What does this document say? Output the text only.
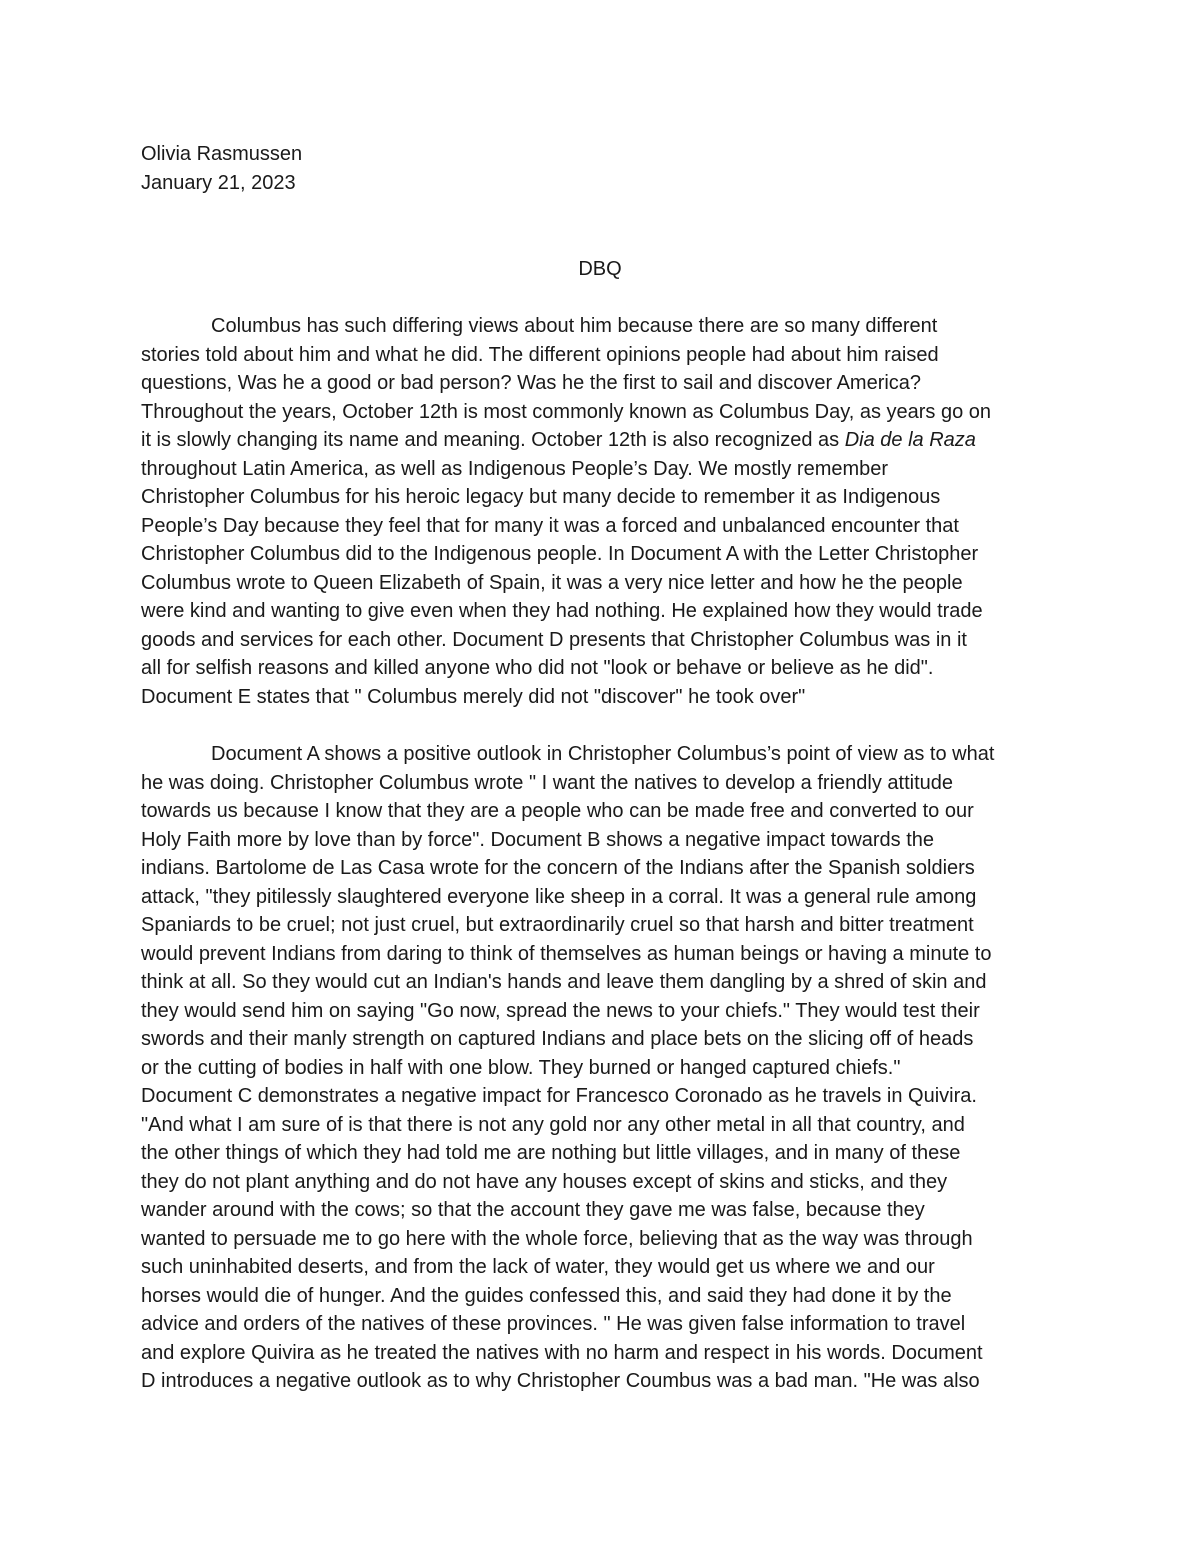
Olivia Rasmussen
January 21, 2023
DBQ
Columbus has such differing views about him because there are so many different
stories told about him and what he did. The different opinions people had about him raised
questions, Was he a good or bad person? Was he the first to sail and discover America?
Throughout the years, October 12th is most commonly known as Columbus Day, as years go on
it is slowly changing its name and meaning. October 12th is also recognized as Dia de la Raza
throughout Latin America, as well as Indigenous People’s Day. We mostly remember
Christopher Columbus for his heroic legacy but many decide to remember it as Indigenous
People’s Day because they feel that for many it was a forced and unbalanced encounter that
Christopher Columbus did to the Indigenous people. In Document A with the Letter Christopher
Columbus wrote to Queen Elizabeth of Spain, it was a very nice letter and how he the people
were kind and wanting to give even when they had nothing. He explained how they would trade
goods and services for each other. Document D presents that Christopher Columbus was in it
all for selfish reasons and killed anyone who did not "look or behave or believe as he did".
Document E states that " Columbus merely did not "discover" he took over"
Document A shows a positive outlook in Christopher Columbus’s point of view as to what
he was doing. Christopher Columbus wrote " I want the natives to develop a friendly attitude
towards us because I know that they are a people who can be made free and converted to our
Holy Faith more by love than by force". Document B shows a negative impact towards the
indians. Bartolome de Las Casa wrote for the concern of the Indians after the Spanish soldiers
attack, "they pitilessly slaughtered everyone like sheep in a corral. It was a general rule among
Spaniards to be cruel; not just cruel, but extraordinarily cruel so that harsh and bitter treatment
would prevent Indians from daring to think of themselves as human beings or having a minute to
think at all. So they would cut an Indian's hands and leave them dangling by a shred of skin and
they would send him on saying "Go now, spread the news to your chiefs." They would test their
swords and their manly strength on captured Indians and place bets on the slicing off of heads
or the cutting of bodies in half with one blow. They burned or hanged captured chiefs."
Document C demonstrates a negative impact for Francesco Coronado as he travels in Quivira.
"And what I am sure of is that there is not any gold nor any other metal in all that country, and
the other things of which they had told me are nothing but little villages, and in many of these
they do not plant anything and do not have any houses except of skins and sticks, and they
wander around with the cows; so that the account they gave me was false, because they
wanted to persuade me to go here with the whole force, believing that as the way was through
such uninhabited deserts, and from the lack of water, they would get us where we and our
horses would die of hunger. And the guides confessed this, and said they had done it by the
advice and orders of the natives of these provinces. " He was given false information to travel
and explore Quivira as he treated the natives with no harm and respect in his words. Document
D introduces a negative outlook as to why Christopher Coumbus was a bad man. "He was also
